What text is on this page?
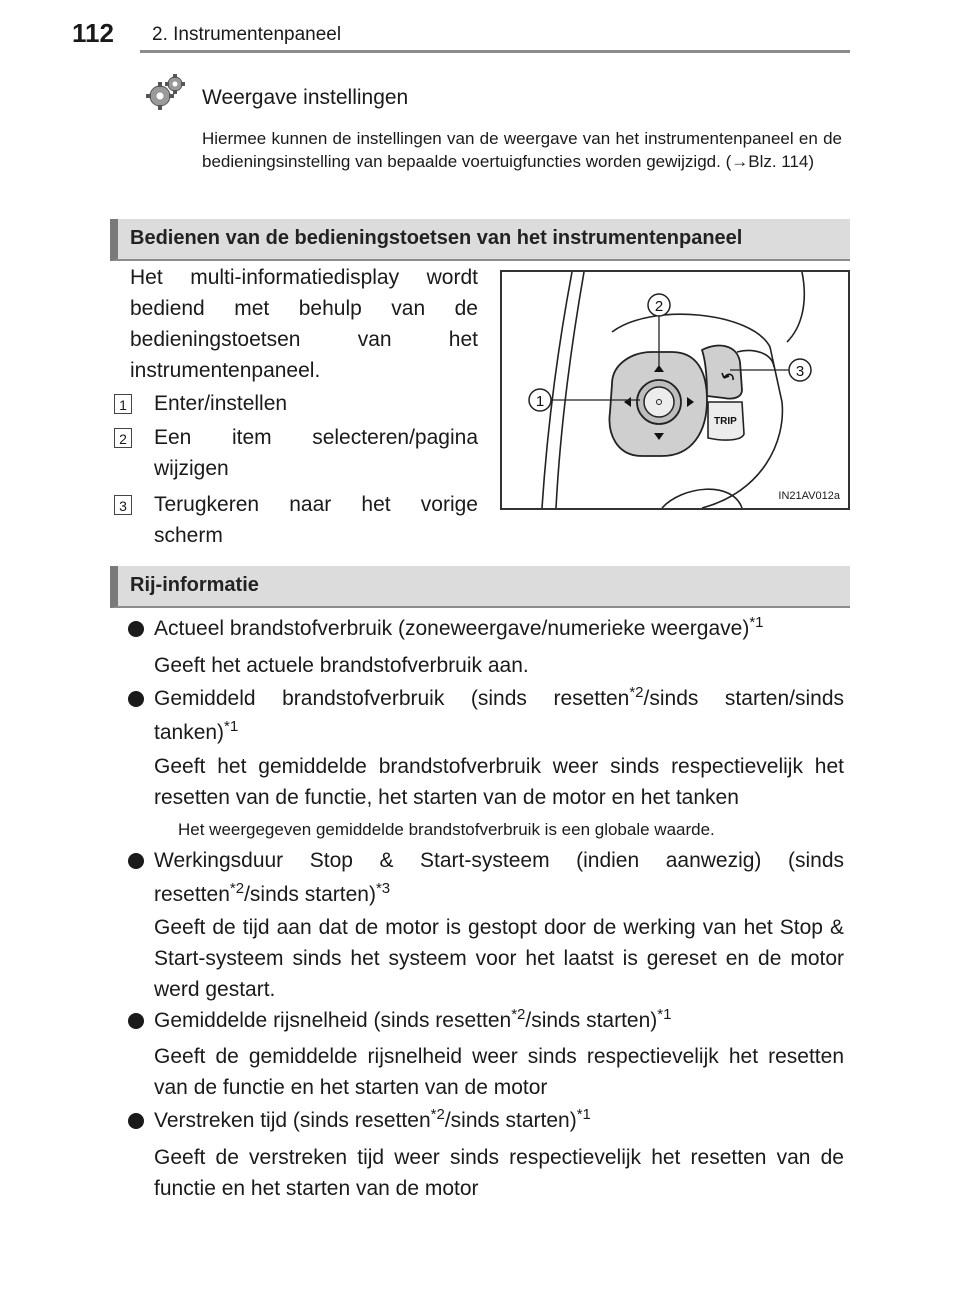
112 2. Instrumentenpaneel
Weergave instellingen
Hiermee kunnen de instellingen van de weergave van het instrumentenpaneel en de bedieningsinstelling van bepaalde voertuigfuncties worden gewijzigd. (→Blz. 114)
Bedienen van de bedieningstoetsen van het instrumentenpaneel
Het multi-informatiedisplay wordt bediend met behulp van de bedieningstoetsen van het instrumentenpaneel.
1 Enter/instellen
2 Een item selecteren/pagina wijzigen
3 Terugkeren naar het vorige scherm
TRIP
2
1
3
IN21AV012a
Rij-informatie
Actueel brandstofverbruik (zoneweergave/numerieke weergave)$^{*1}$
Geeft het actuele brandstofverbruik aan.
Gemiddeld brandstofverbruik (sinds resetten$^{*2}$/sinds starten/sinds tanken)$^{*1}$
Geeft het gemiddelde brandstofverbruik weer sinds respectievelijk het resetten van de functie, het starten van de motor en het tanken
Het weergegeven gemiddelde brandstofverbruik is een globale waarde.
Werkingsduur Stop & Start-systeem (indien aanwezig) (sinds resetten$^{*2}$/sinds starten)$^{*3}$
Geeft de tijd aan dat de motor is gestopt door de werking van het Stop & Start-systeem sinds het systeem voor het laatst is gereset en de motor werd gestart.
Gemiddelde rijsnelheid (sinds resetten$^{*2}$/sinds starten)$^{*1}$
Geeft de gemiddelde rijsnelheid weer sinds respectievelijk het resetten van de functie en het starten van de motor
Verstreken tijd (sinds resetten$^{*2}$/sinds starten)$^{*1}$
Geeft de verstreken tijd weer sinds respectievelijk het resetten van de functie en het starten van de motor
